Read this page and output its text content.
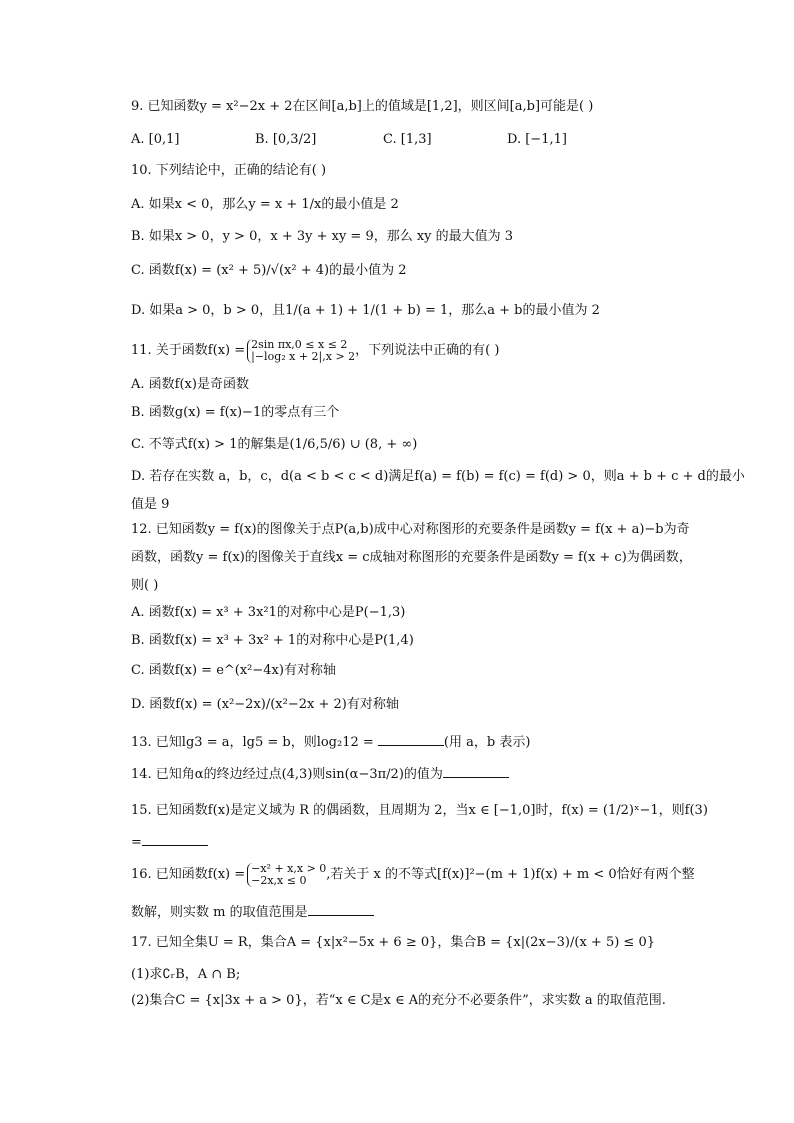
9. 已知函数y = x²−2x + 2在区间[a,b]上的值域是[1,2]，则区间[a,b]可能是( )
A. [0,1]	B. [0,3/2]	C. [1,3]	D. [−1,1]
10. 下列结论中，正确的结论有( )
A. 如果x < 0，那么y = x + 1/x的最小值是 2
B. 如果x > 0，y > 0，x + 3y + xy = 9，那么 xy 的最大值为 3
C. 函数f(x) = (x² + 5)/√(x² + 4)的最小值为 2
D. 如果a > 0，b > 0，且1/(a + 1) + 1/(1 + b) = 1，那么a + b的最小值为 2
11. 关于函数f(x) = 2sin πx,0 ≤ x ≤ 2
|−log₂ x + 2|,x > 2 ，下列说法中正确的有( )
A. 函数f(x)是奇函数
B. 函数g(x) = f(x)−1的零点有三个
C. 不等式f(x) > 1的解集是(1/6,5/6) ∪ (8, + ∞)
D. 若存在实数 a，b，c，d(a < b < c < d)满足f(a) = f(b) = f(c) = f(d) > 0，则a + b + c + d的最小
值是 9
12. 已知函数y = f(x)的图像关于点P(a,b)成中心对称图形的充要条件是函数y = f(x + a)−b为奇函数，函数y = f(x)的图像关于直线x = c成轴对称图形的充要条件是函数y = f(x + c)为偶函数，则( )
A. 函数f(x) = x³ + 3x²1的对称中心是P(−1,3)
B. 函数f(x) = x³ + 3x² + 1的对称中心是P(1,4)
C. 函数f(x) = e^(x²−4x)有对称轴
D. 函数f(x) = (x²−2x)/(x²−2x + 2)有对称轴
13. 已知lg3 = a，lg5 = b，则log₂12 =	(用 a，b 表示)
14. 已知角α的终边经过点(4,3)则sin(α−3π/2)的值为
15. 已知函数f(x)是定义域为 R 的偶函数，且周期为 2，当x ∈ [−1,0]时，f(x) = (1/2)ˣ−1，则f(3)
=
16. 已知函数f(x) = −x² + x,x > 0
−2x,x ≤ 0	,若关于 x 的不等式[f(x)]²−(m + 1)f(x) + m < 0恰好有两个整
数解，则实数 m 的取值范围是
17. 已知全集U = R，集合A = {x|x²−5x + 6 ≥ 0}，集合B = {x|(2x−3)/(x + 5) ≤ 0}
(1)求∁ᵣB，A ∩ B;
(2)集合C = {x|3x + a > 0}，若“x ∈ C是x ∈ A的充分不必要条件”，求实数 a 的取值范围.
